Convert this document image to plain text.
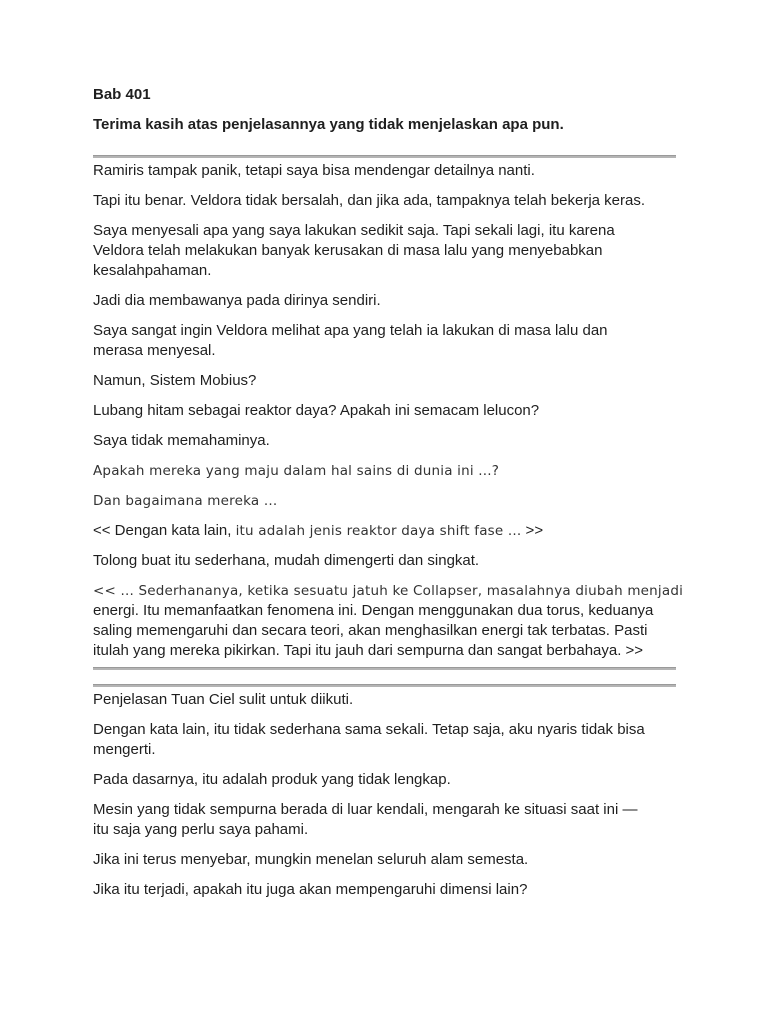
Bab 401
Terima kasih atas penjelasannya yang tidak menjelaskan apa pun.

Ramiris tampak panik, tetapi saya bisa mendengar detailnya nanti.

Tapi itu benar. Veldora tidak bersalah, dan jika ada, tampaknya telah bekerja keras.

Saya menyesali apa yang saya lakukan sedikit saja. Tapi sekali lagi, itu karena
Veldora telah melakukan banyak kerusakan di masa lalu yang menyebabkan
kesalahpahaman.

Jadi dia membawanya pada dirinya sendiri.

Saya sangat ingin Veldora melihat apa yang telah ia lakukan di masa lalu dan
merasa menyesal.

Namun, Sistem Mobius?

Lubang hitam sebagai reaktor daya? Apakah ini semacam lelucon?

Saya tidak memahaminya.

Apakah mereka yang maju dalam hal sains di dunia ini ...?

Dan bagaimana mereka ...

<< Dengan kata lain, itu adalah jenis reaktor daya shift fase ... >>

Tolong buat itu sederhana, mudah dimengerti dan singkat.

<< ... Sederhananya, ketika sesuatu jatuh ke Collapser, masalahnya diubah menjadi
energi. Itu memanfaatkan fenomena ini. Dengan menggunakan dua torus, keduanya
saling memengaruhi dan secara teori, akan menghasilkan energi tak terbatas. Pasti
itulah yang mereka pikirkan. Tapi itu jauh dari sempurna dan sangat berbahaya. >>

Penjelasan Tuan Ciel sulit untuk diikuti.

Dengan kata lain, itu tidak sederhana sama sekali. Tetap saja, aku nyaris tidak bisa
mengerti.

Pada dasarnya, itu adalah produk yang tidak lengkap.

Mesin yang tidak sempurna berada di luar kendali, mengarah ke situasi saat ini —
itu saja yang perlu saya pahami.

Jika ini terus menyebar, mungkin menelan seluruh alam semesta.

Jika itu terjadi, apakah itu juga akan mempengaruhi dimensi lain?
